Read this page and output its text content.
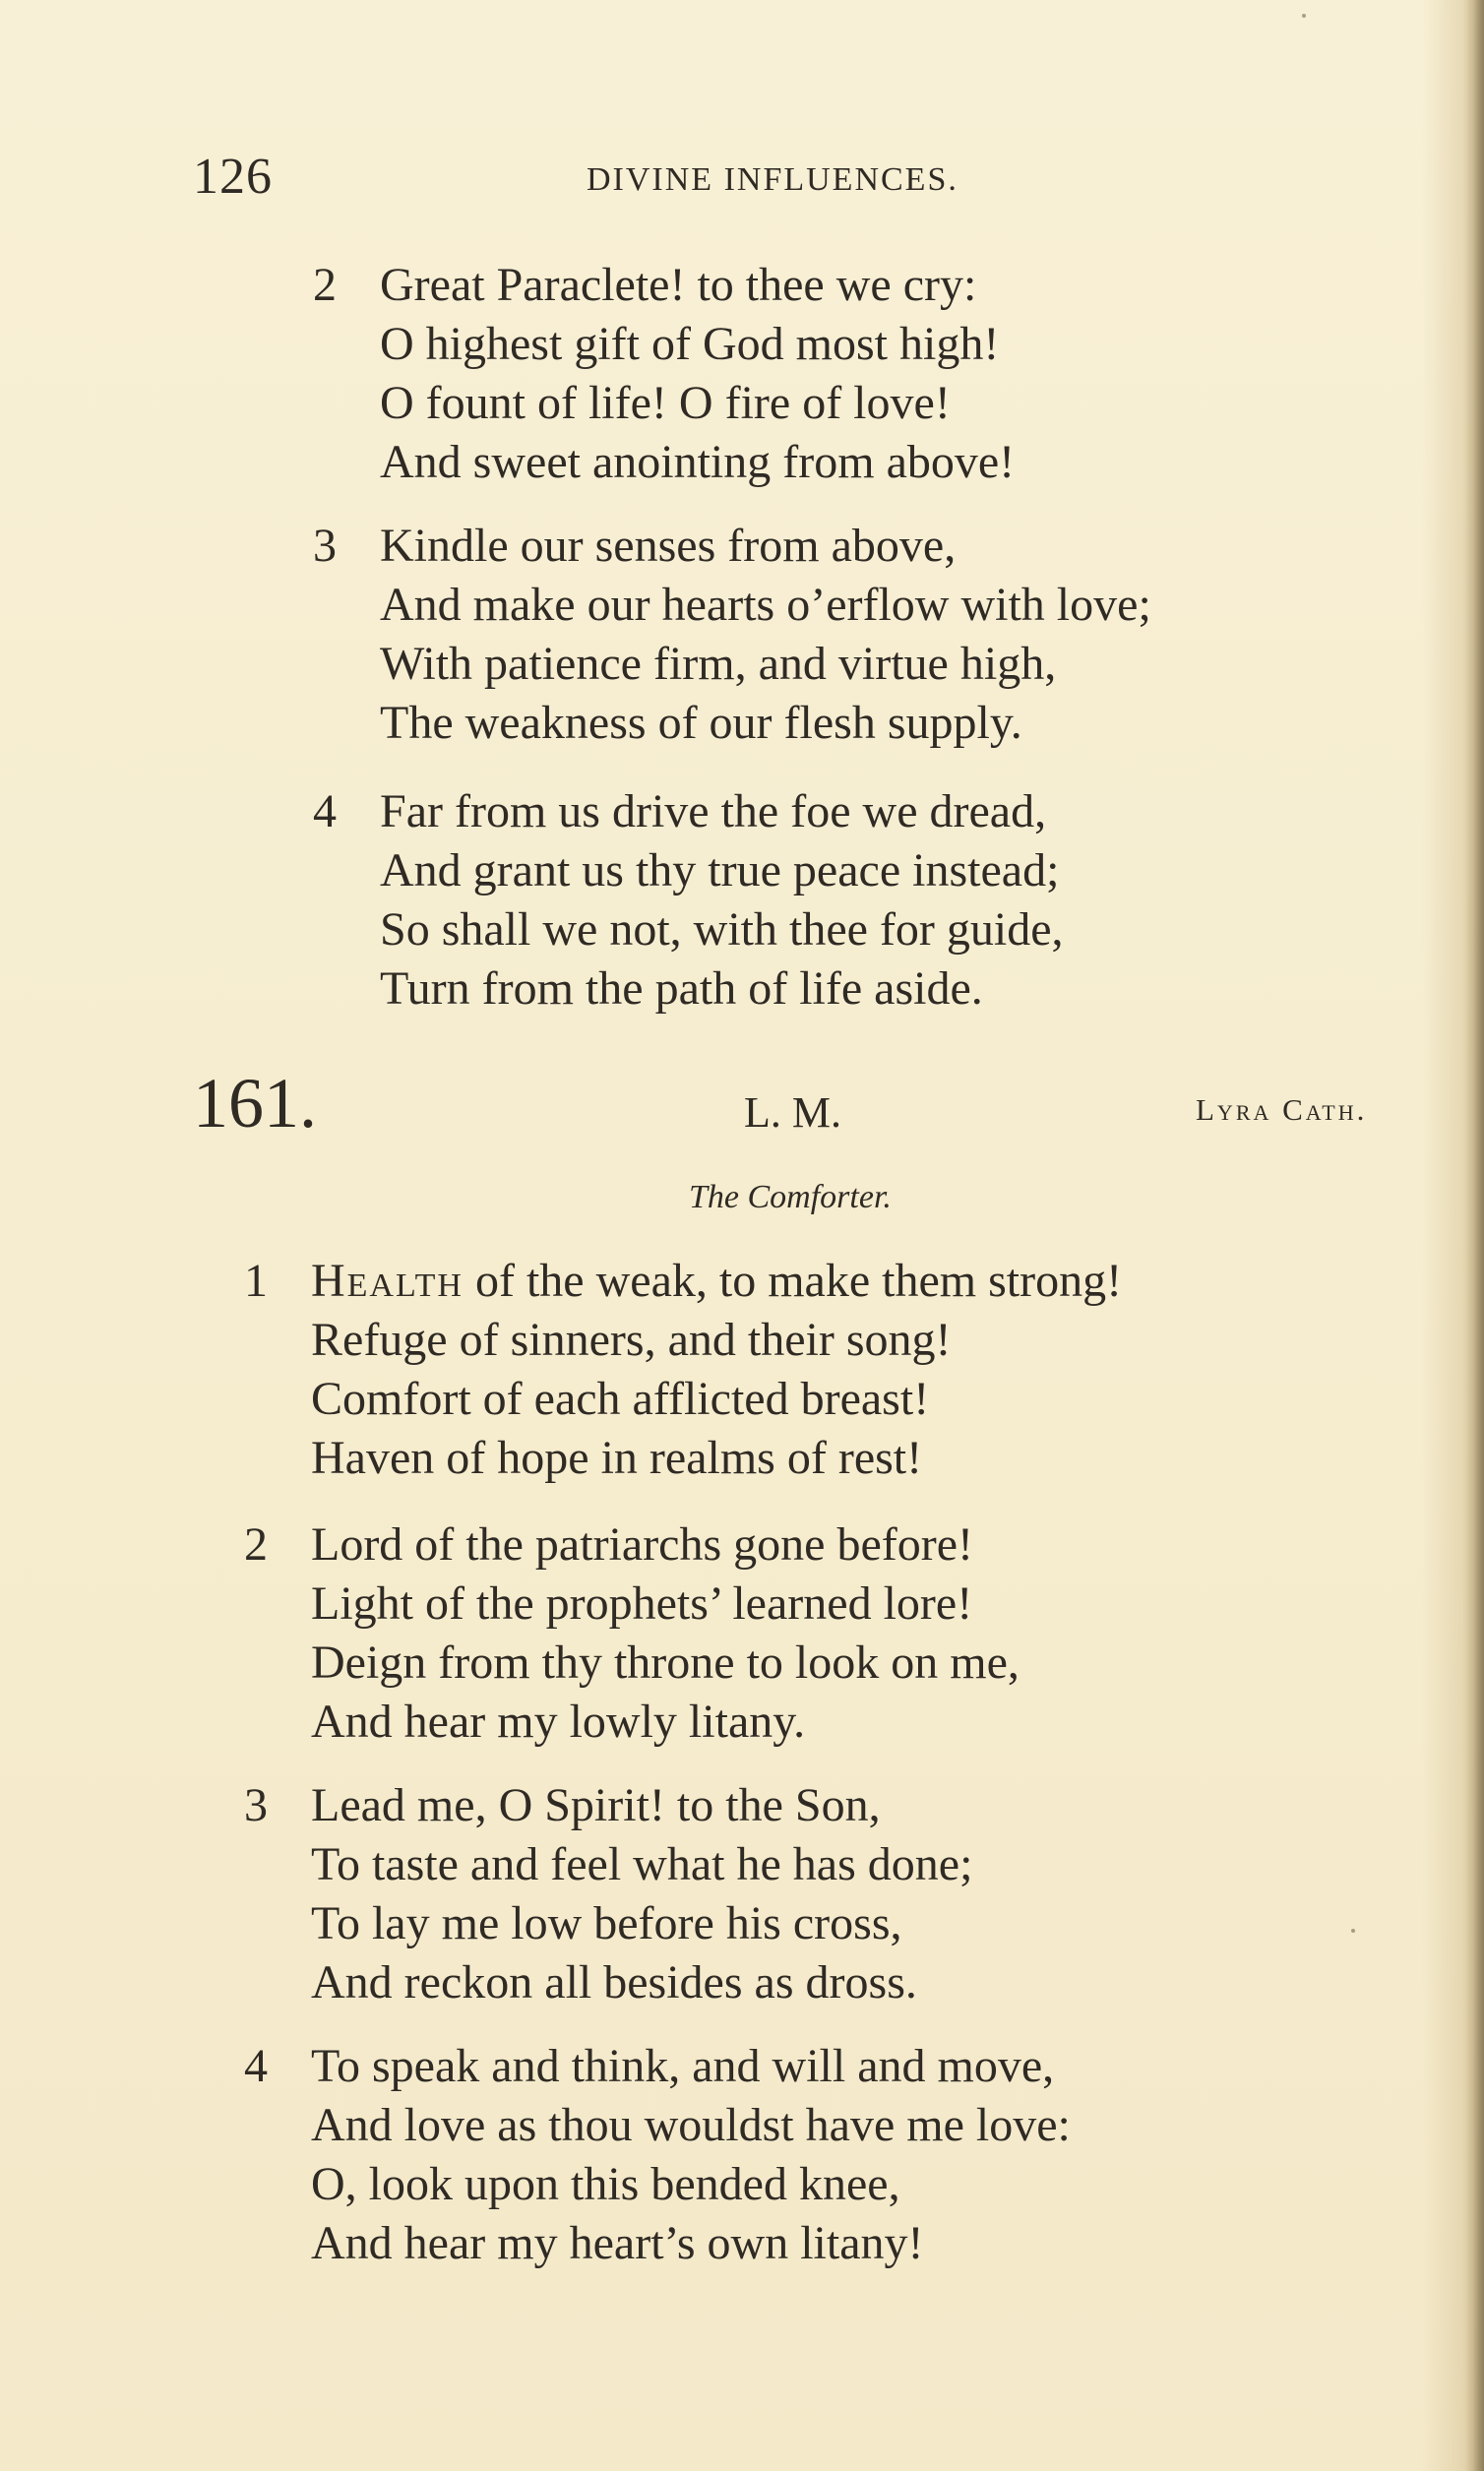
126	DIVINE INFLUENCES.
2 Great Paraclete! to thee we cry:
O highest gift of God most high!
O fount of life! O fire of love!
And sweet anointing from above!
3 Kindle our senses from above,
And make our hearts o’erflow with love;
With patience firm, and virtue high,
The weakness of our flesh supply.
4 Far from us drive the foe we dread,
And grant us thy true peace instead;
So shall we not, with thee for guide,
Turn from the path of life aside.
161.	L. M.	Lyra Cath.
The Comforter.
1 Health of the weak, to make them strong!
Refuge of sinners, and their song!
Comfort of each afflicted breast!
Haven of hope in realms of rest!
2 Lord of the patriarchs gone before!
Light of the prophets’ learned lore!
Deign from thy throne to look on me,
And hear my lowly litany.
3 Lead me, O Spirit! to the Son,
To taste and feel what he has done;
To lay me low before his cross,
And reckon all besides as dross.
4 To speak and think, and will and move,
And love as thou wouldst have me love:
O, look upon this bended knee,
And hear my heart’s own litany!
